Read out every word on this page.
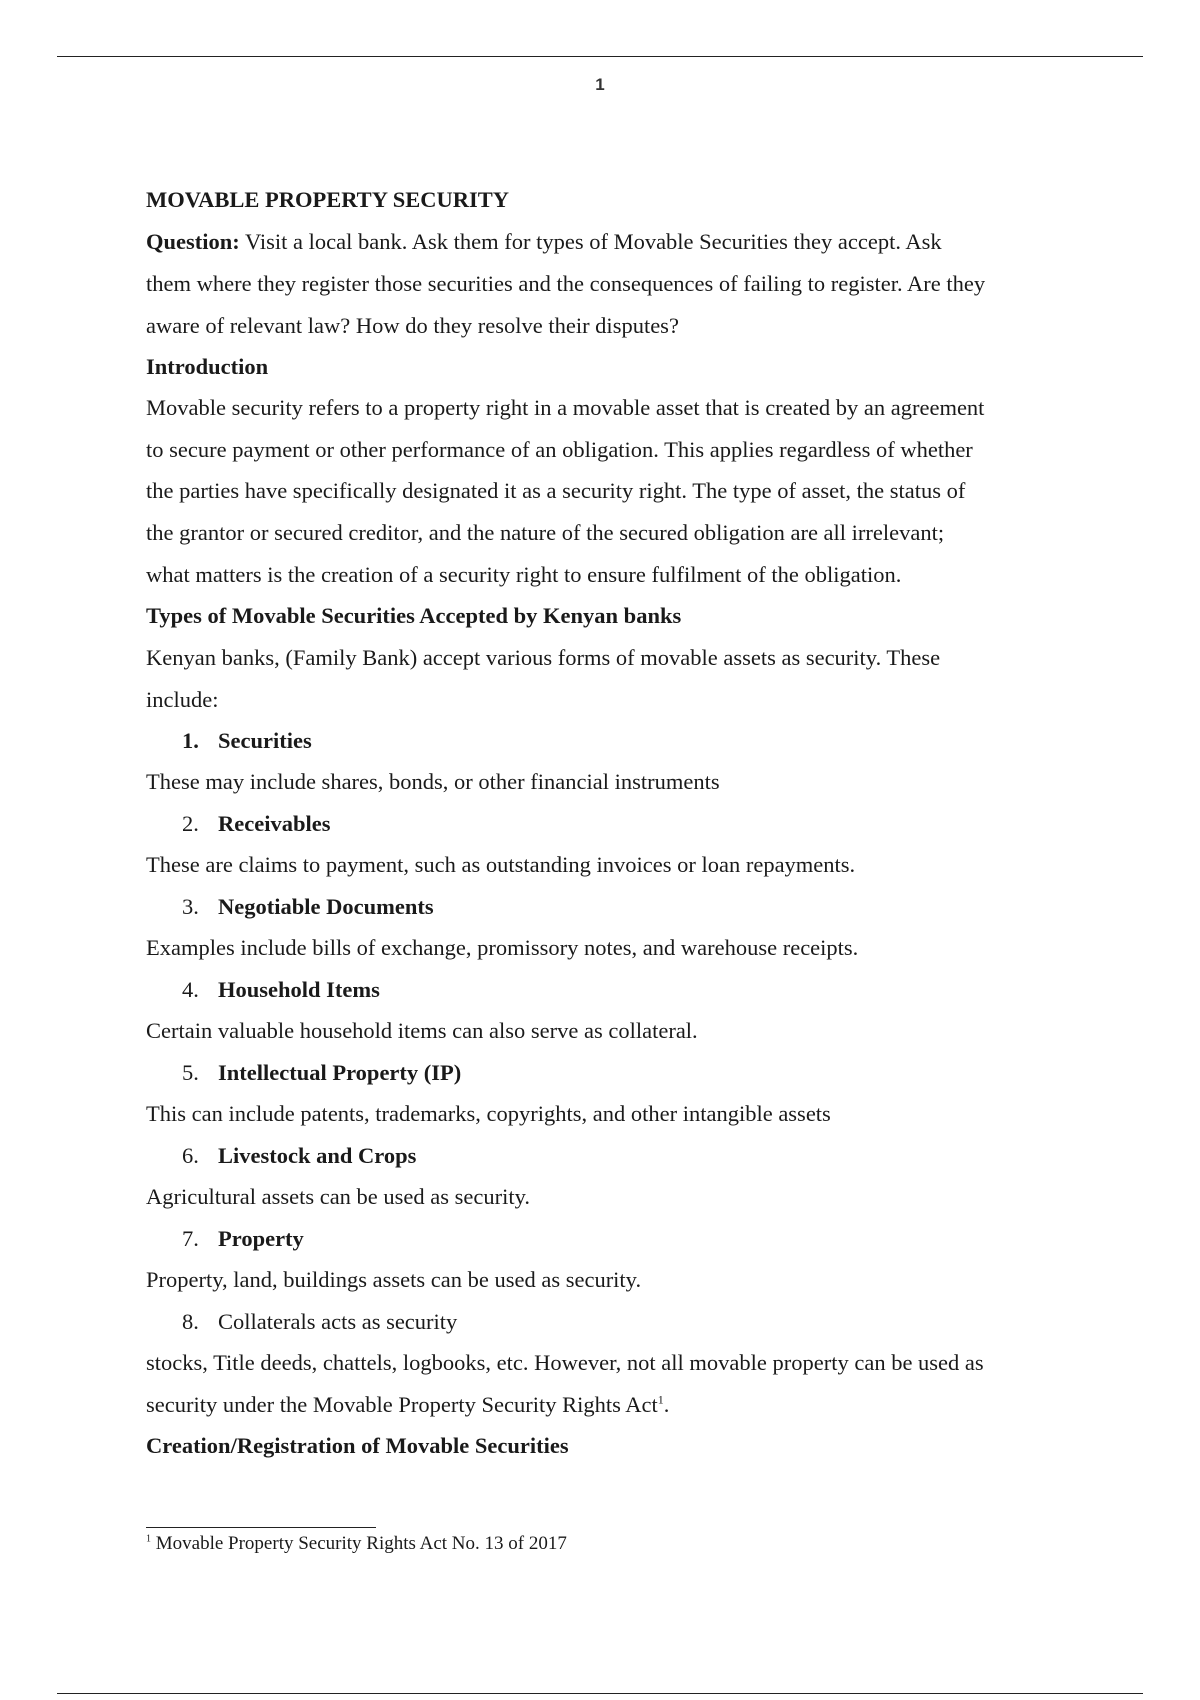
1
MOVABLE PROPERTY SECURITY
Question: Visit a local bank. Ask them for types of Movable Securities they accept. Ask
them where they register those securities and the consequences of failing to register. Are they
aware of relevant law? How do they resolve their disputes?
Introduction
Movable security refers to a property right in a movable asset that is created by an agreement
to secure payment or other performance of an obligation. This applies regardless of whether
the parties have specifically designated it as a security right. The type of asset, the status of
the grantor or secured creditor, and the nature of the secured obligation are all irrelevant;
what matters is the creation of a security right to ensure fulfilment of the obligation.
Types of Movable Securities Accepted by Kenyan banks
Kenyan banks, (Family Bank) accept various forms of movable assets as security. These
include:
1. Securities
These may include shares, bonds, or other financial instruments
2. Receivables
These are claims to payment, such as outstanding invoices or loan repayments.
3. Negotiable Documents
Examples include bills of exchange, promissory notes, and warehouse receipts.
4. Household Items
Certain valuable household items can also serve as collateral.
5. Intellectual Property (IP)
This can include patents, trademarks, copyrights, and other intangible assets
6. Livestock and Crops
Agricultural assets can be used as security.
7. Property
Property, land, buildings assets can be used as security.
8. Collaterals acts as security
stocks, Title deeds, chattels, logbooks, etc. However, not all movable property can be used as
security under the Movable Property Security Rights Act$^1$.
Creation/Registration of Movable Securities
$^1$ Movable Property Security Rights Act No. 13 of 2017
